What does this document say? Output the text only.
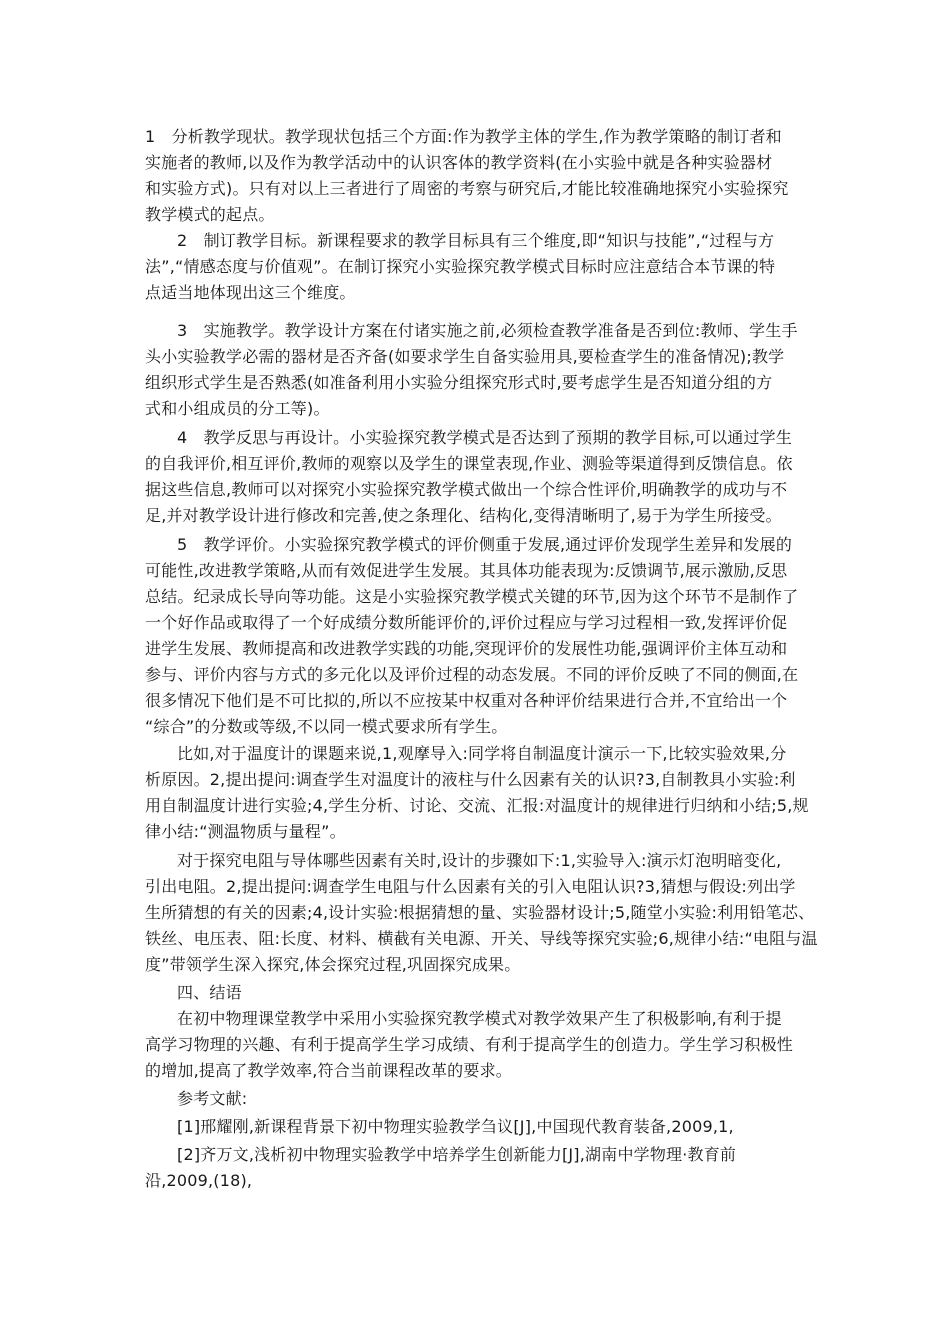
1　分析教学现状。教学现状包括三个方面:作为教学主体的学生,作为教学策略的制订者和
实施者的教师,以及作为教学活动中的认识客体的教学资料(在小实验中就是各种实验器材
和实验方式)。只有对以上三者进行了周密的考察与研究后,才能比较准确地探究小实验探究
教学模式的起点。
2　制订教学目标。新课程要求的教学目标具有三个维度,即“知识与技能”,“过程与方
法”,“情感态度与价值观”。在制订探究小实验探究教学模式目标时应注意结合本节课的特
点适当地体现出这三个维度。
3　实施教学。教学设计方案在付诸实施之前,必须检查教学准备是否到位:教师、学生手
头小实验教学必需的器材是否齐备(如要求学生自备实验用具,要检查学生的准备情况);教学
组织形式学生是否熟悉(如准备利用小实验分组探究形式时,要考虑学生是否知道分组的方
式和小组成员的分工等)。
4　教学反思与再设计。小实验探究教学模式是否达到了预期的教学目标,可以通过学生
的自我评价,相互评价,教师的观察以及学生的课堂表现,作业、测验等渠道得到反馈信息。依
据这些信息,教师可以对探究小实验探究教学模式做出一个综合性评价,明确教学的成功与不
足,并对教学设计进行修改和完善,使之条理化、结构化,变得清晰明了,易于为学生所接受。
5　教学评价。小实验探究教学模式的评价侧重于发展,通过评价发现学生差异和发展的
可能性,改进教学策略,从而有效促进学生发展。其具体功能表现为:反馈调节,展示激励,反思
总结。纪录成长导向等功能。这是小实验探究教学模式关键的环节,因为这个环节不是制作了
一个好作品或取得了一个好成绩分数所能评价的,评价过程应与学习过程相一致,发挥评价促
进学生发展、教师提高和改进教学实践的功能,突现评价的发展性功能,强调评价主体互动和
参与、评价内容与方式的多元化以及评价过程的动态发展。不同的评价反映了不同的侧面,在
很多情况下他们是不可比拟的,所以不应按某中权重对各种评价结果进行合并,不宜给出一个
“综合”的分数或等级,不以同一模式要求所有学生。
比如,对于温度计的课题来说,1,观摩导入:同学将自制温度计演示一下,比较实验效果,分
析原因。2,提出提问:调查学生对温度计的液柱与什么因素有关的认识?3,自制教具小实验:利
用自制温度计进行实验;4,学生分析、讨论、交流、汇报:对温度计的规律进行归纳和小结;5,规
律小结:“测温物质与量程”。
对于探究电阻与导体哪些因素有关时,设计的步骤如下:1,实验导入:演示灯泡明暗变化,
引出电阻。2,提出提问:调查学生电阻与什么因素有关的引入电阻认识?3,猜想与假设:列出学
生所猜想的有关的因素;4,设计实验:根据猜想的量、实验器材设计;5,随堂小实验:利用铅笔芯、
铁丝、电压表、阻:长度、材料、横截有关电源、开关、导线等探究实验;6,规律小结:“电阻与温
度”带领学生深入探究,体会探究过程,巩固探究成果。
四、结语
在初中物理课堂教学中采用小实验探究教学模式对教学效果产生了积极影响,有利于提
高学习物理的兴趣、有利于提高学生学习成绩、有利于提高学生的创造力。学生学习积极性
的增加,提高了教学效率,符合当前课程改革的要求。
参考文献:
[1]邢耀刚,新课程背景下初中物理实验教学刍议[J],中国现代教育装备,2009,1,
[2]齐万文,浅析初中物理实验教学中培养学生创新能力[J],湖南中学物理·教育前
沿,2009,(18),
